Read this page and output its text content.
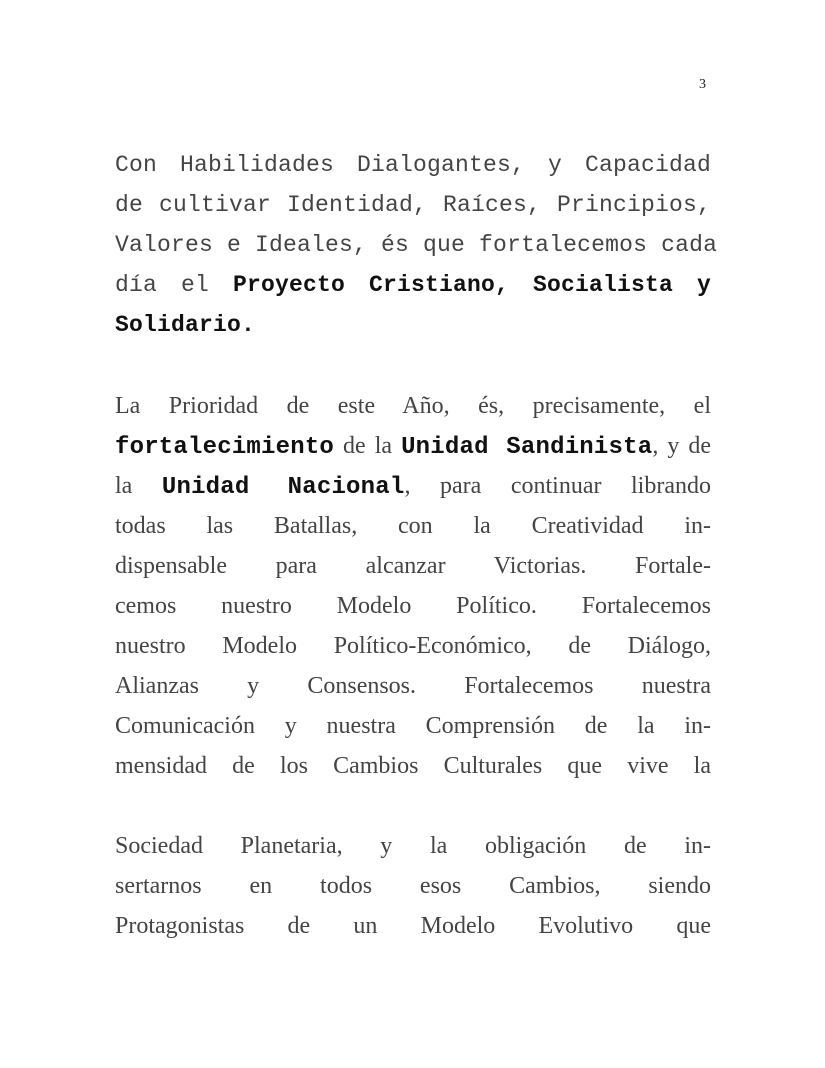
3
Con Habilidades Dialogantes, y Capacidad
de cultivar Identidad, Raíces, Principios,
Valores e Ideales, és que fortalecemos cada
día el Proyecto Cristiano, Socialista y
Solidario.
La Prioridad de este Año, és, precisamente, el
fortalecimiento de la Unidad Sandinista, y de
la Unidad Nacional, para continuar librando
todas las Batallas, con la Creatividad in-
dispensable para alcanzar Victorias. Fortale-
cemos nuestro Modelo Político. Fortalecemos
nuestro Modelo Político-Económico, de Diálogo,
Alianzas y Consensos. Fortalecemos nuestra
Comunicación y nuestra Comprensión de la in-
mensidad de los Cambios Culturales que vive la
Sociedad Planetaria, y la obligación de in-
sertarnos en todos esos Cambios, siendo
Protagonistas de un Modelo Evolutivo que
